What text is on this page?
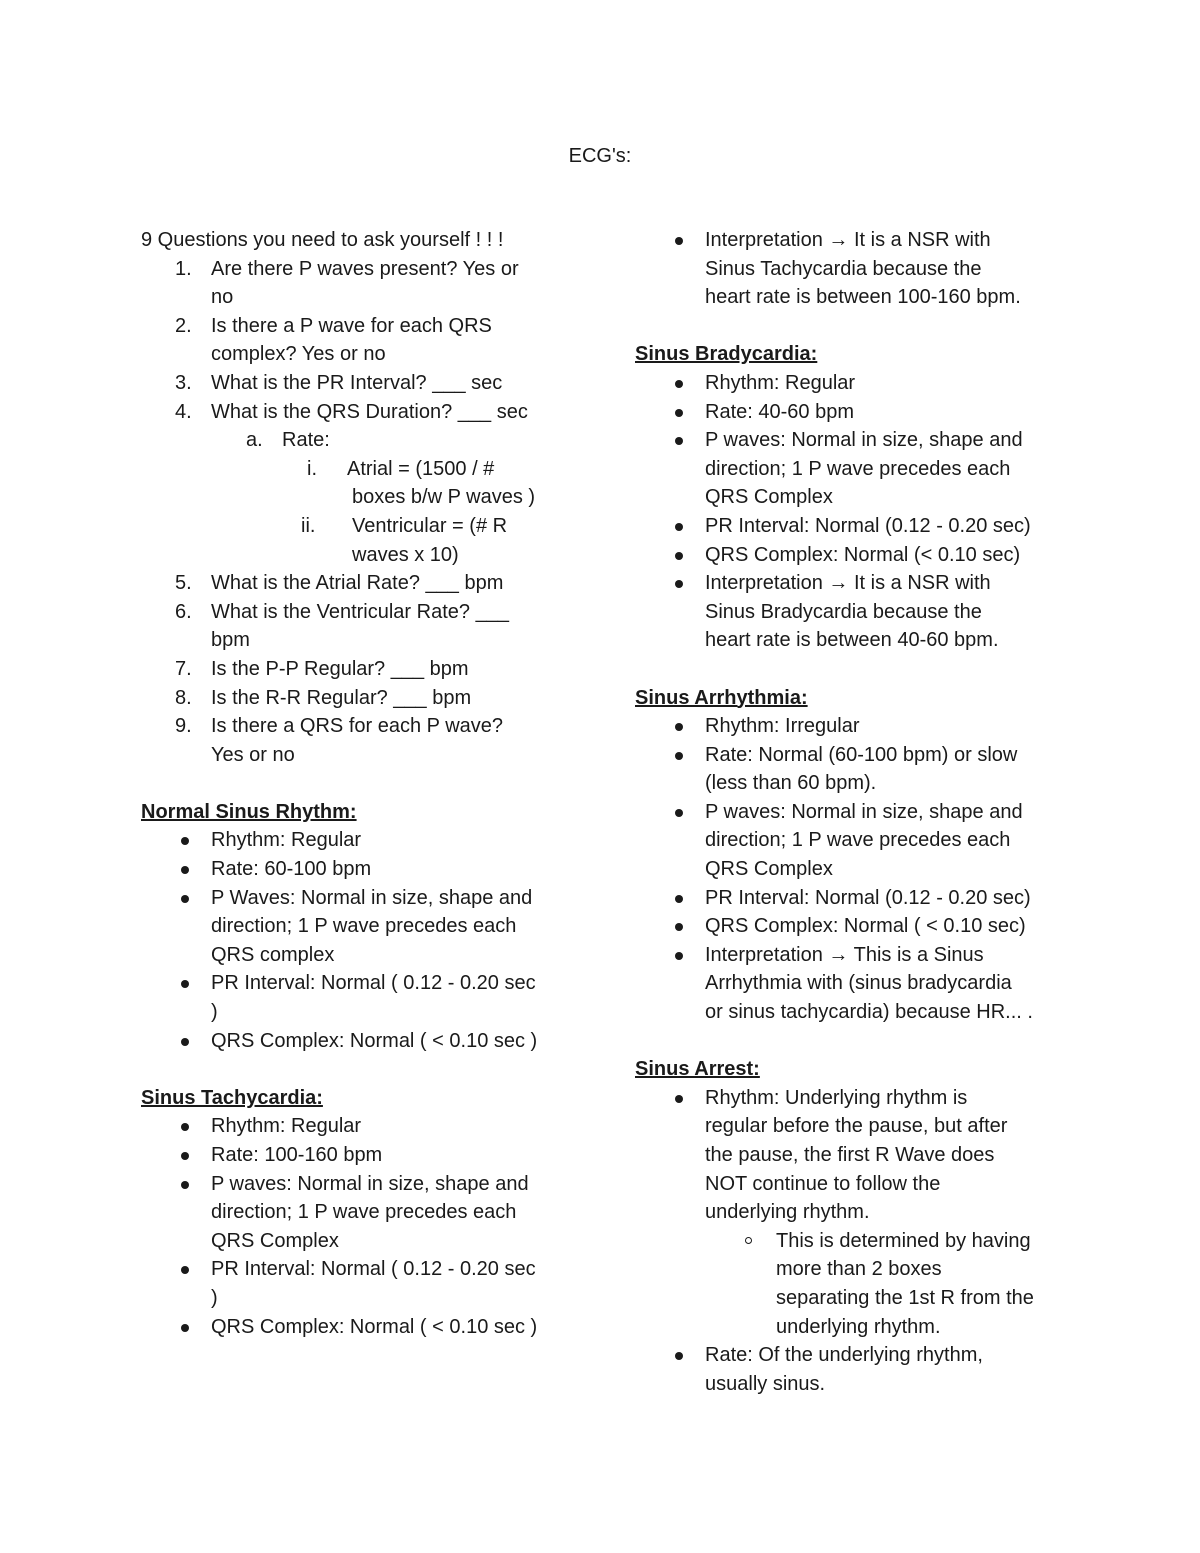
ECG's:
9 Questions you need to ask yourself ! ! !
1. Are there P waves present? Yes or

no

2. Is there a P wave for each QRS

complex? Yes or no

3. What is the PR Interval? ___ sec

4. What is the QRS Duration? ___ sec

a. Rate:

i. Atrial = (1500 / #

boxes b/w P waves )

ii. Ventricular = (# R

waves x 10)

5. What is the Atrial Rate? ___ bpm

6. What is the Ventricular Rate? ___

bpm

7. Is the P-P Regular? ___ bpm

8. Is the R-R Regular? ___ bpm

9. Is there a QRS for each P wave?

Yes or no

Normal Sinus Rhythm:
Rhythm: Regular

Rate: 60-100 bpm

P Waves: Normal in size, shape and

direction; 1 P wave precedes each

QRS complex

PR Interval: Normal ( 0.12 - 0.20 sec

)

QRS Complex: Normal ( < 0.10 sec )

Sinus Tachycardia:
Rhythm: Regular

Rate: 100-160 bpm

P waves: Normal in size, shape and

direction; 1 P wave precedes each

QRS Complex

PR Interval: Normal ( 0.12 - 0.20 sec

)

QRS Complex: Normal ( < 0.10 sec )

Interpretation → It is a NSR with

Sinus Tachycardia because the

heart rate is between 100-160 bpm.

Sinus Bradycardia:
Rhythm: Regular

Rate: 40-60 bpm

P waves: Normal in size, shape and

direction; 1 P wave precedes each

QRS Complex

PR Interval: Normal (0.12 - 0.20 sec)

QRS Complex: Normal (< 0.10 sec)

Interpretation → It is a NSR with

Sinus Bradycardia because the

heart rate is between 40-60 bpm.

Sinus Arrhythmia:
Rhythm: Irregular

Rate: Normal (60-100 bpm) or slow

(less than 60 bpm).

P waves: Normal in size, shape and

direction; 1 P wave precedes each

QRS Complex

PR Interval: Normal (0.12 - 0.20 sec)

QRS Complex: Normal ( < 0.10 sec)

Interpretation → This is a Sinus

Arrhythmia with (sinus bradycardia

or sinus tachycardia) because HR... .

Sinus Arrest:
Rhythm: Underlying rhythm is

regular before the pause, but after

the pause, the first R Wave does

NOT continue to follow the

underlying rhythm.

This is determined by having

more than 2 boxes

separating the 1st R from the

underlying rhythm.

Rate: Of the underlying rhythm,

usually sinus.
